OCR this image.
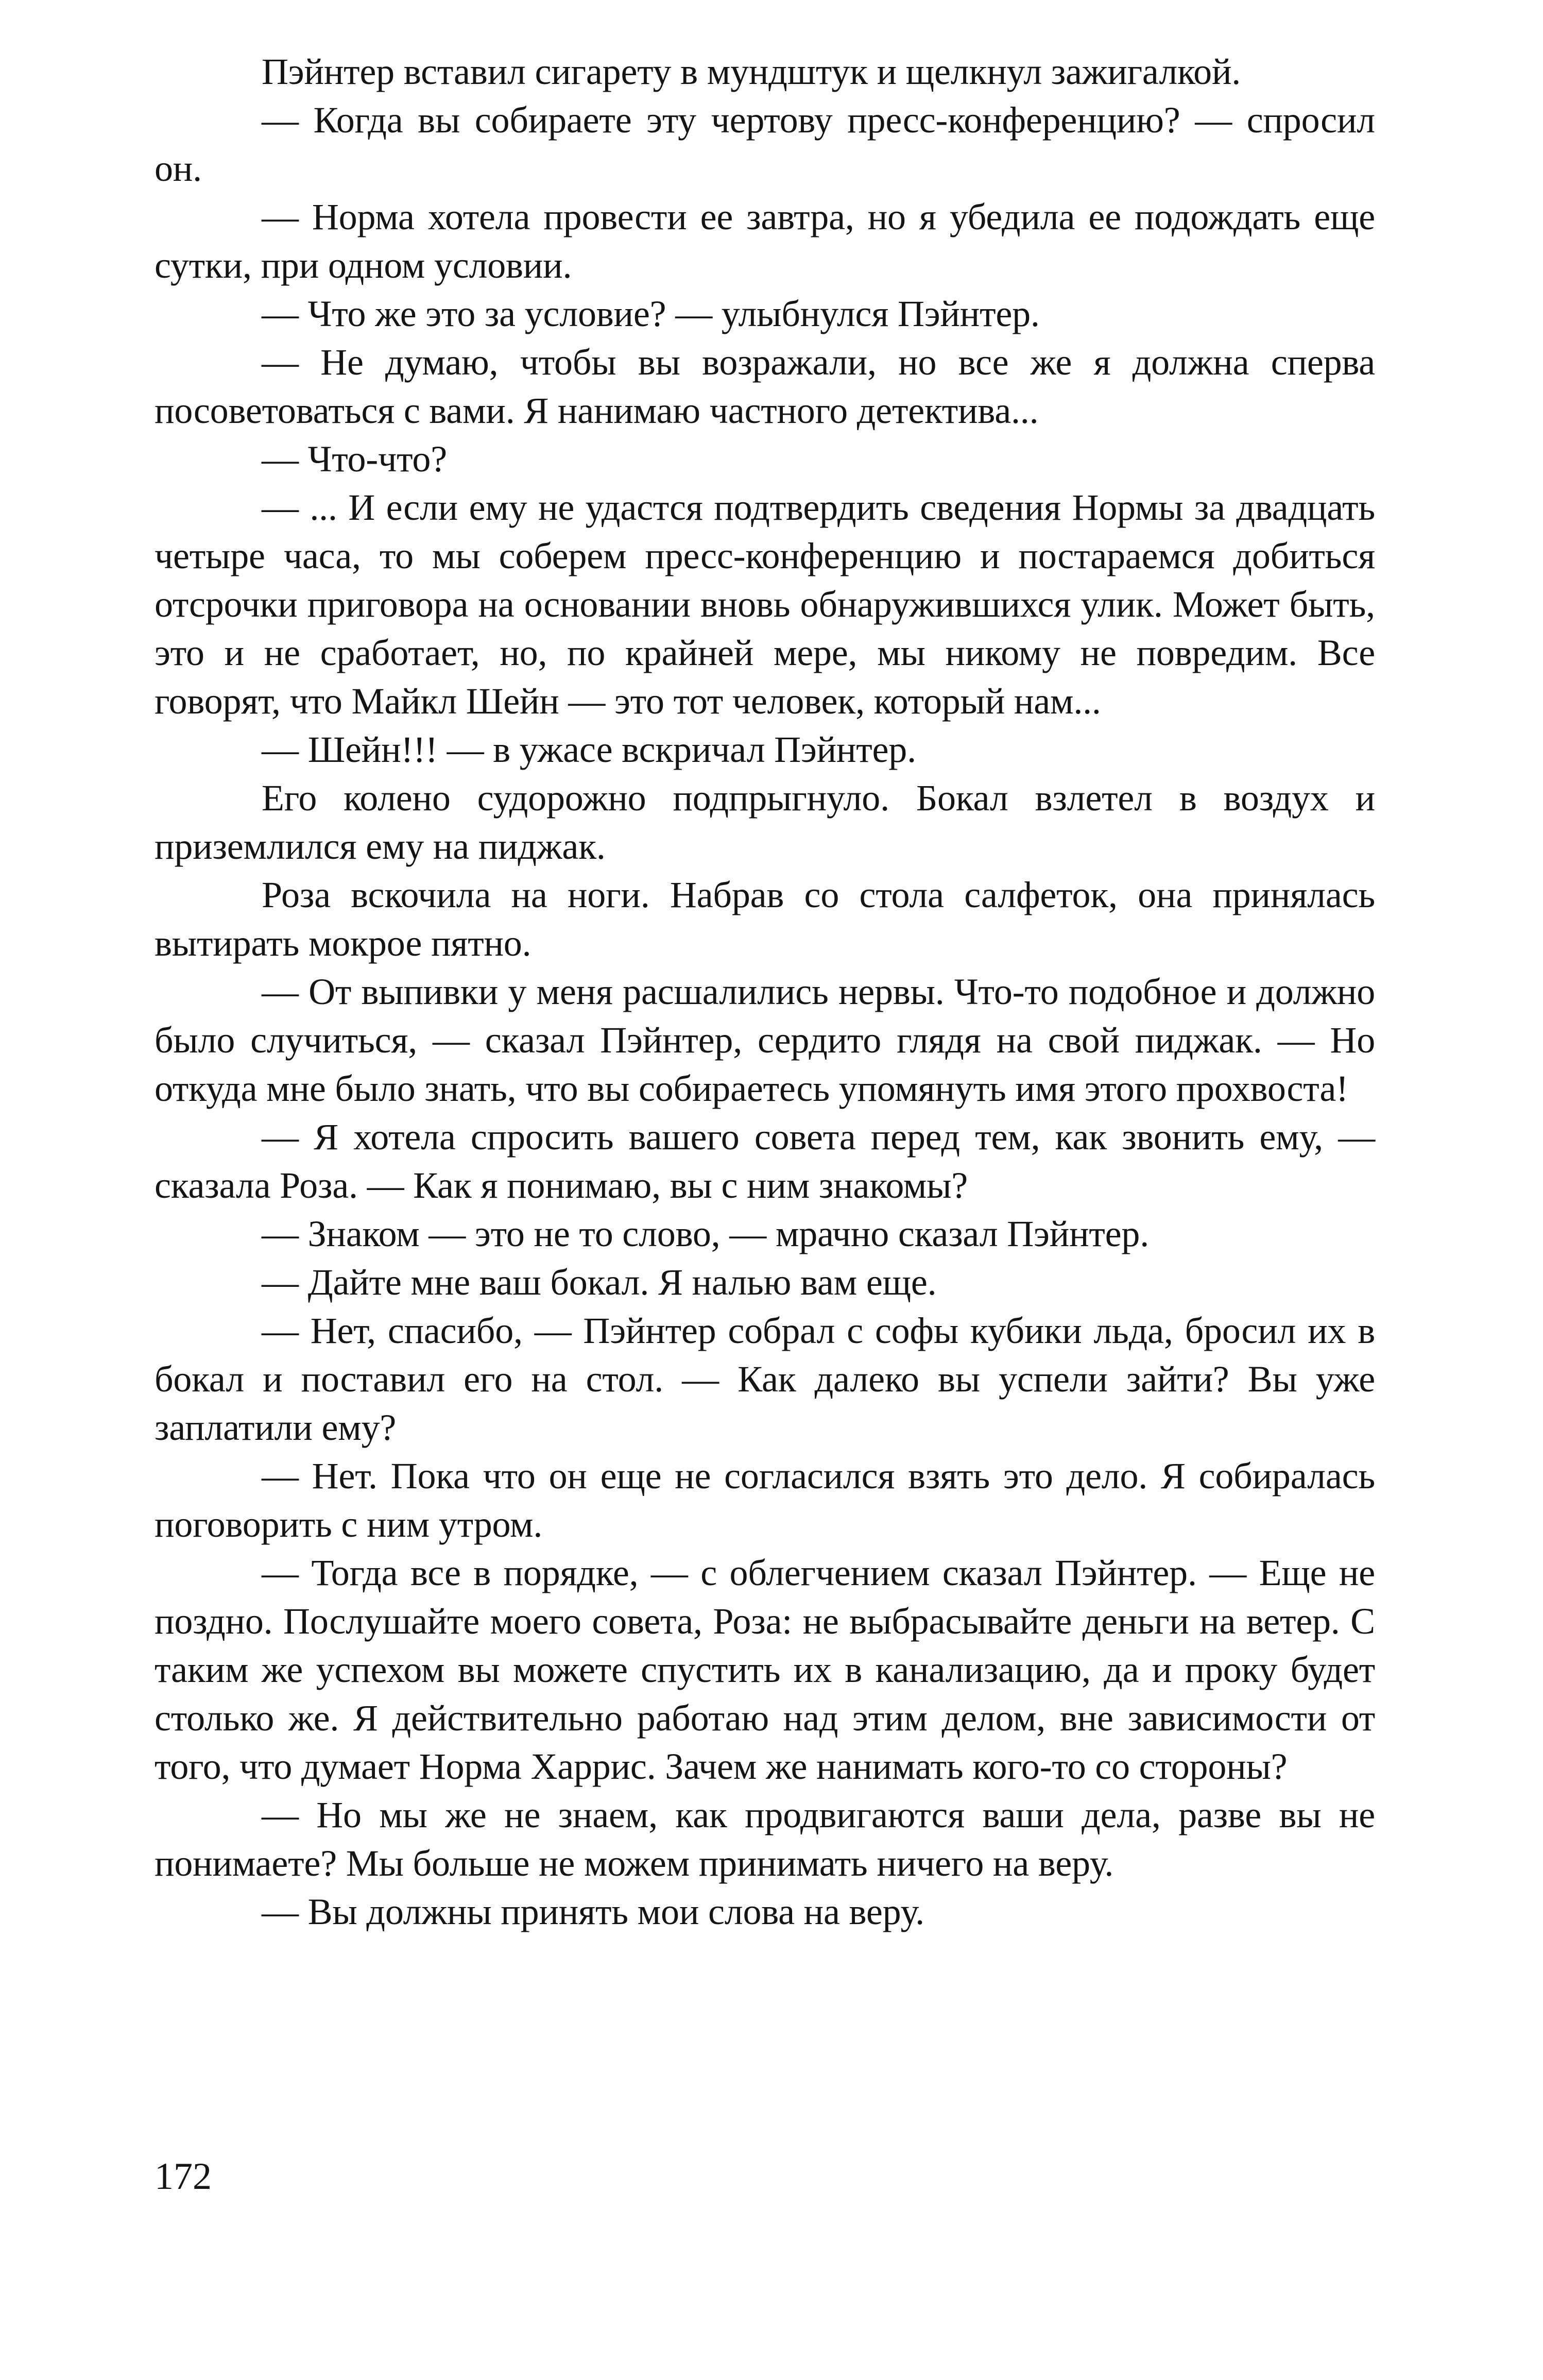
Пэйнтер вставил сигарету в мундштук и щелкнул зажигалкой.

— Когда вы собираете эту чертову пресс-конференцию? — спросил он.

— Норма хотела провести ее завтра, но я убедила ее подождать еще сутки, при одном условии.

— Что же это за условие? — улыбнулся Пэйнтер.

— Не думаю, чтобы вы возражали, но все же я должна сперва посоветоваться с вами. Я нанимаю частного детектива...

— Что-что?

— ... И если ему не удастся подтвердить сведения Нормы за двадцать четыре часа, то мы соберем пресс-конференцию и постараемся добиться отсрочки приговора на основании вновь обнаружившихся улик. Может быть, это и не сработает, но, по крайней мере, мы никому не повредим. Все говорят, что Майкл Шейн — это тот человек, который нам...

— Шейн!!! — в ужасе вскричал Пэйнтер.

Его колено судорожно подпрыгнуло. Бокал взлетел в воздух и приземлился ему на пиджак.

Роза вскочила на ноги. Набрав со стола салфеток, она принялась вытирать мокрое пятно.

— От выпивки у меня расшалились нервы. Что-то подобное и должно было случиться, — сказал Пэйнтер, сердито глядя на свой пиджак. — Но откуда мне было знать, что вы собираетесь упомянуть имя этого прохвоста!

— Я хотела спросить вашего совета перед тем, как звонить ему, — сказала Роза. — Как я понимаю, вы с ним знакомы?

— Знаком — это не то слово, — мрачно сказал Пэйнтер.

— Дайте мне ваш бокал. Я налью вам еще.

— Нет, спасибо, — Пэйнтер собрал с софы кубики льда, бросил их в бокал и поставил его на стол. — Как далеко вы успели зайти? Вы уже заплатили ему?

— Нет. Пока что он еще не согласился взять это дело. Я собиралась поговорить с ним утром.

— Тогда все в порядке, — с облегчением сказал Пэйнтер. — Еще не поздно. Послушайте моего совета, Роза: не выбрасывайте деньги на ветер. С таким же успехом вы можете спустить их в канализацию, да и проку будет столько же. Я действительно работаю над этим делом, вне зависимости от того, что думает Норма Харрис. Зачем же нанимать кого-то со стороны?

— Но мы же не знаем, как продвигаются ваши дела, разве вы не понимаете? Мы больше не можем принимать ничего на веру.

— Вы должны принять мои слова на веру.

172
